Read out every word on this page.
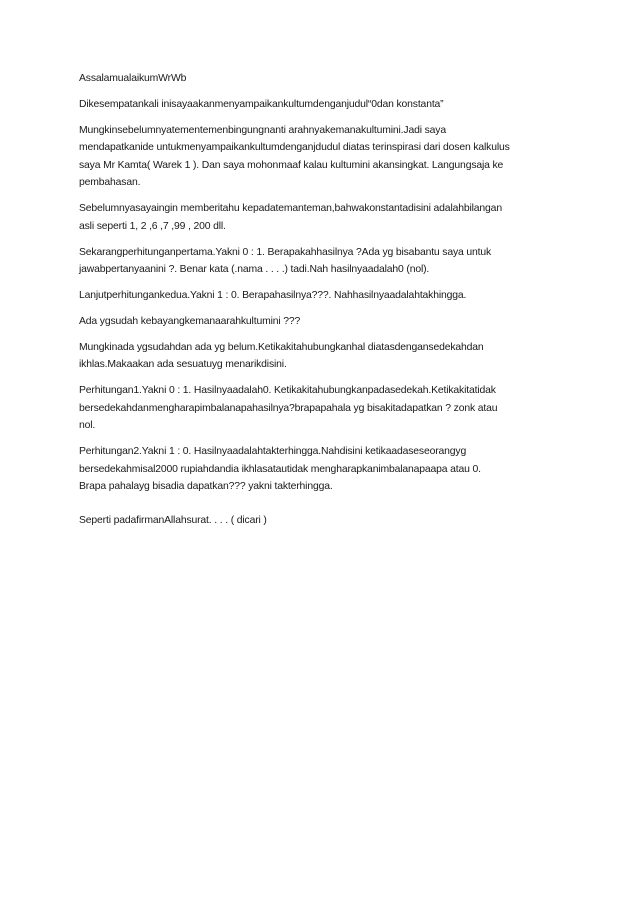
AssalamualaikumWrWb

Dikesempatankali inisayaakanmenyampaikankultumdenganjudul“0dan konstanta”

Mungkinsebelumnyatementemenbingungnanti arahnyakemanakultumini.Jadi saya
mendapatkanide untukmenyampaikankultumdenganjdudul diatas terinspirasi dari dosen kalkulus
saya Mr Kamta( Warek 1 ). Dan saya mohonmaaf kalau kultumini akansingkat. Langungsaja ke
pembahasan.

Sebelumnyasayaingin memberitahu kepadatemanteman,bahwakonstantadisini adalahbilangan
asli seperti 1, 2 ,6 ,7 ,99 , 200 dll.

Sekarangperhitunganpertama.Yakni 0 : 1. Berapakahhasilnya ?Ada yg bisabantu saya untuk
jawabpertanyaanini ?. Benar kata (.nama . . . .) tadi.Nah hasilnyaadalah0 (nol).

Lanjutperhitungankedua.Yakni 1 : 0. Berapahasilnya???. Nahhasilnyaadalahtakhingga.

Ada ygsudah kebayangkemanaarahkultumini ???

Mungkinada ygsudahdan ada yg belum.Ketikakitahubungkanhal diatasdengansedekahdan
ikhlas.Makaakan ada sesuatuyg menarikdisini.

Perhitungan1.Yakni 0 : 1. Hasilnyaadalah0. Ketikakitahubungkanpadasedekah.Ketikakitatidak
bersedekahdanmengharapimbalanapahasilnya?brapapahala yg bisakitadapatkan ? zonk atau
nol.

Perhitungan2.Yakni 1 : 0. Hasilnyaadalahtakterhingga.Nahdisini ketikaadaseseorangyg
bersedekahmisal2000 rupiahdandia ikhlasatautidak mengharapkanimbalanapaapa atau 0.
Brapa pahalayg bisadia dapatkan??? yakni takterhingga.

Seperti padafirmanAllahsurat. . . . ( dicari )
